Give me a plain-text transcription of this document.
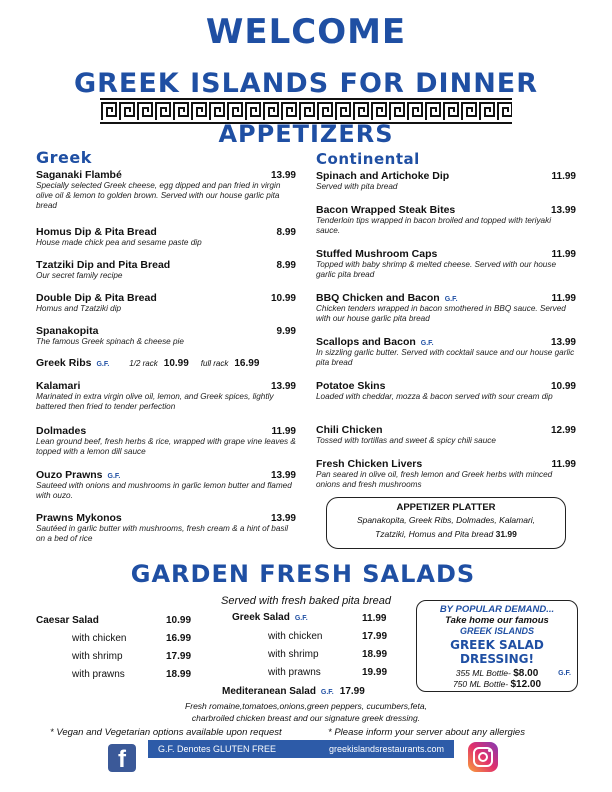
WELCOME
GREEK ISLANDS FOR DINNER
APPETIZERS
Greek	Continental
Saganaki Flambé	13.99
Specially selected Greek cheese, egg dipped and pan fried in virgin olive oil & lemon to golden brown. Served with our house garlic pita bread
Homus Dip & Pita Bread	8.99
House made chick pea and sesame paste dip
Tzatziki Dip and Pita Bread	8.99
Our secret family recipe
Double Dip & Pita Bread	10.99
Homus and Tzatziki dip
Spanakopita	9.99
The famous Greek spinach & cheese pie
Kalamari	13.99
Marinated in extra virgin olive oil, lemon, and Greek spices, lightly battered then fried to tender perfection
Dolmades	11.99
Lean ground beef, fresh herbs & rice, wrapped with grape vine leaves & topped with a lemon dill sauce
Ouzo Prawns G.F.	13.99
Sauteed with onions and mushrooms in garlic lemon butter and flamed with ouzo.
Prawns Mykonos	13.99
Sautéed in garlic butter with mushrooms, fresh cream & a hint of basil on a bed of rice
Greek Ribs G.F.	1/2 rack 10.99 full rack 16.99
Spinach and Artichoke Dip	11.99
Served with pita bread
Bacon Wrapped Steak Bites	13.99
Tenderloin tips wrapped in bacon broiled and topped with teriyaki sauce.
Stuffed Mushroom Caps	11.99
Topped with baby shrimp & melted cheese. Served with our house garlic pita bread
BBQ Chicken and Bacon G.F.	11.99
Chicken tenders wrapped in bacon smothered in BBQ sauce. Served with our house garlic pita bread
Scallops and Bacon G.F.	13.99
In sizzling garlic butter. Served with cocktail sauce and our house garlic pita bread
Potatoe Skins	10.99
Loaded with cheddar, mozza & bacon served with sour cream dip
Chili Chicken	12.99
Tossed with tortillas and sweet & spicy chili sauce
Fresh Chicken Livers	11.99
Pan seared in olive oil, fresh lemon and Greek herbs with minced onions and fresh mushrooms
APPETIZER PLATTER
Spanakopita, Greek Ribs, Dolmades, Kalamari,
Tzatziki, Homus and Pita bread 31.99
GARDEN FRESH SALADS
Served with fresh baked pita bread
Caesar Salad	10.99
with chicken	16.99
with shrimp	17.99
with prawns	18.99
Greek Salad G.F.	11.99
with chicken	17.99
with shrimp	18.99
with prawns	19.99
Mediteranean Salad G.F. 17.99
Fresh romaine,tomatoes,onions,green peppers, cucumbers,feta,
charbroiled chicken breast and our signature greek dressing.
BY POPULAR DEMAND...
Take home our famous
GREEK ISLANDS
GREEK SALAD DRESSING!
355 ML Bottle- $8.00
750 ML Bottle- $12.00
G.F.
* Vegan and Vegetarian options available upon request	* Please inform your server about any allergies
G.F. Denotes GLUTEN FREE	greekislandsrestaurants.com
f
